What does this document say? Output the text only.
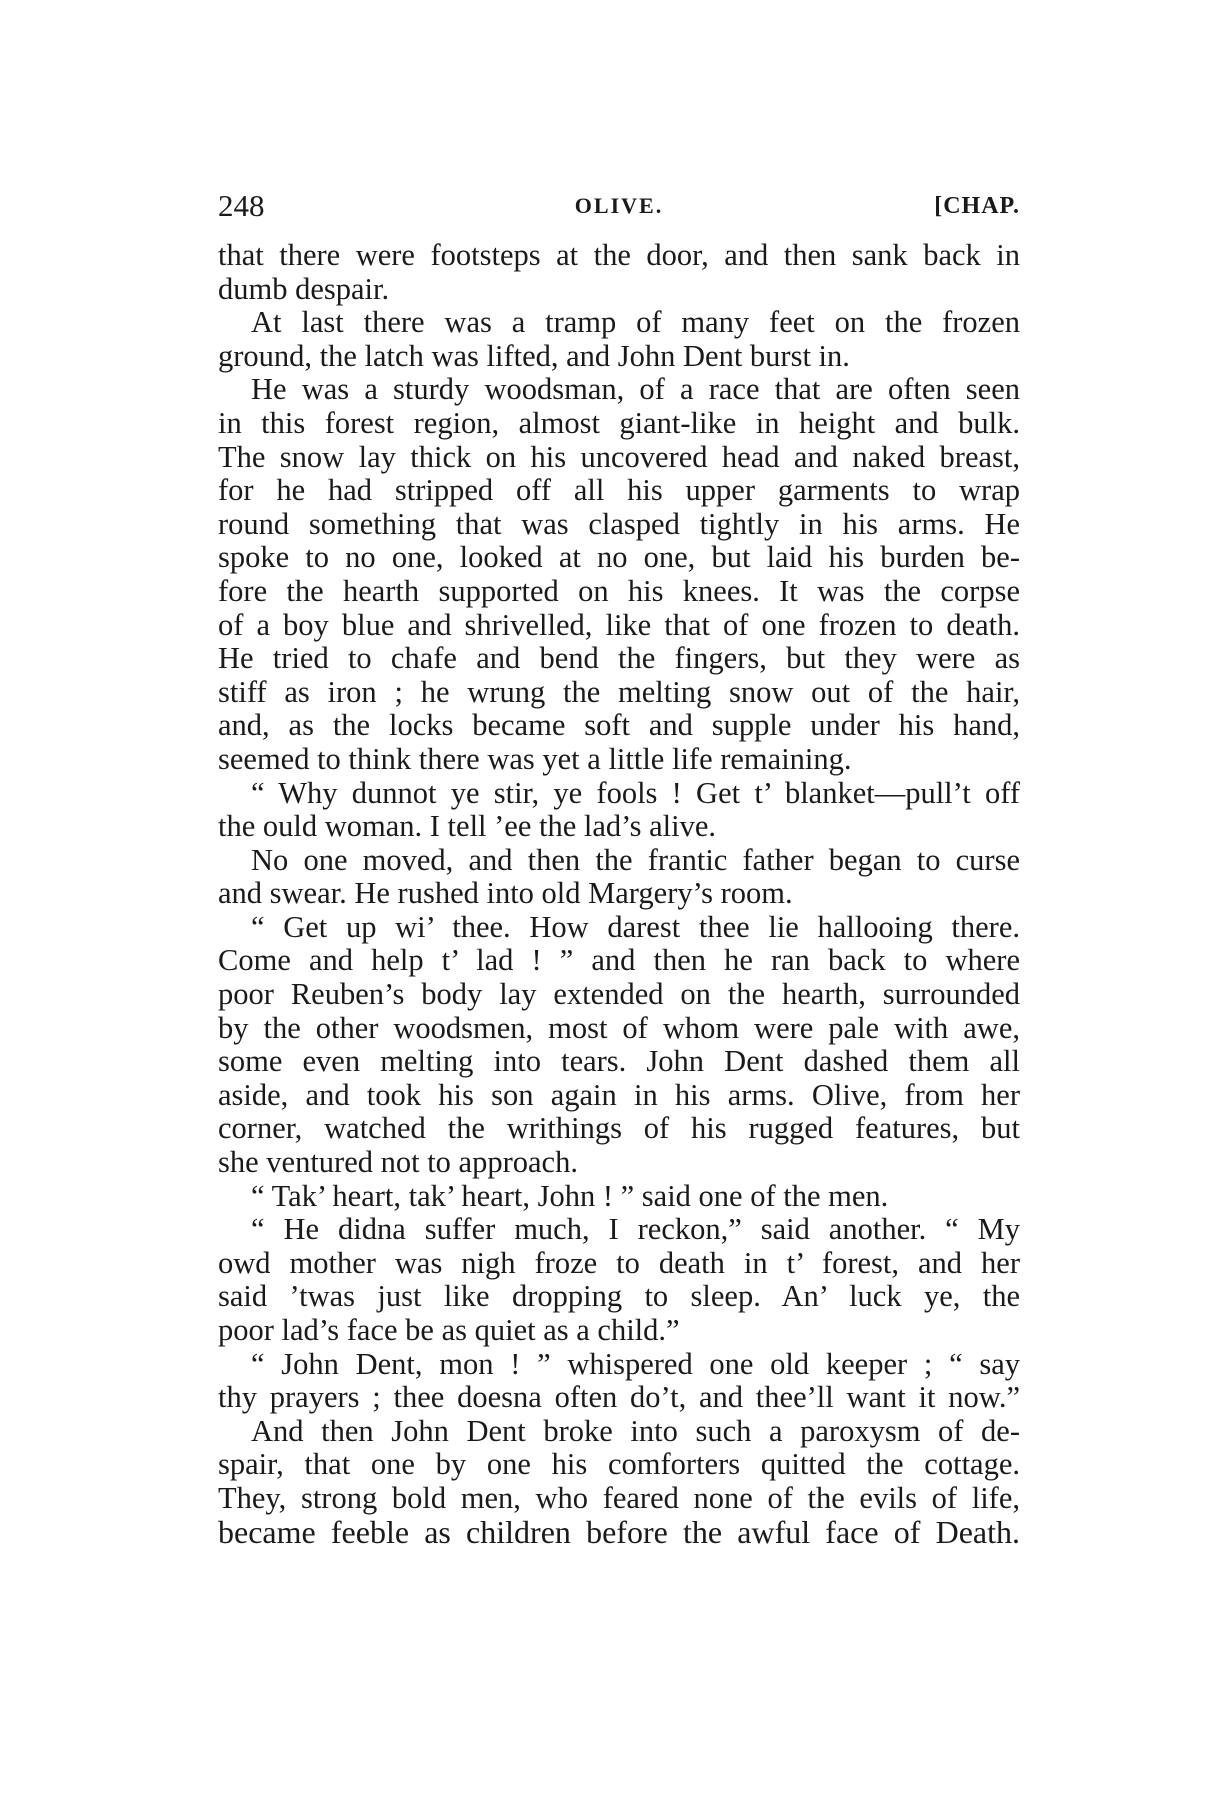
248	OLIVE.	[CHAP.
that there were footsteps at the door, and then sank back in
dumb despair.
At last there was a tramp of many feet on the frozen
ground, the latch was lifted, and John Dent burst in.
He was a sturdy woodsman, of a race that are often seen
in this forest region, almost giant-like in height and bulk.
The snow lay thick on his uncovered head and naked breast,
for he had stripped off all his upper garments to wrap
round something that was clasped tightly in his arms. He
spoke to no one, looked at no one, but laid his burden be-
fore the hearth supported on his knees. It was the corpse
of a boy blue and shrivelled, like that of one frozen to death.
He tried to chafe and bend the fingers, but they were as
stiff as iron ; he wrung the melting snow out of the hair,
and, as the locks became soft and supple under his hand,
seemed to think there was yet a little life remaining.
“ Why dunnot ye stir, ye fools ! Get t’ blanket—pull’t off
the ould woman. I tell ’ee the lad’s alive.
No one moved, and then the frantic father began to curse
and swear. He rushed into old Margery’s room.
“ Get up wi’ thee. How darest thee lie hallooing there.
Come and help t’ lad ! ” and then he ran back to where
poor Reuben’s body lay extended on the hearth, surrounded
by the other woodsmen, most of whom were pale with awe,
some even melting into tears. John Dent dashed them all
aside, and took his son again in his arms. Olive, from her
corner, watched the writhings of his rugged features, but
she ventured not to approach.
“ Tak’ heart, tak’ heart, John ! ” said one of the men.
“ He didna suffer much, I reckon,” said another. “ My
owd mother was nigh froze to death in t’ forest, and her
said ’twas just like dropping to sleep. An’ luck ye, the
poor lad’s face be as quiet as a child.”
“ John Dent, mon ! ” whispered one old keeper ; “ say
thy prayers ; thee doesna often do’t, and thee’ll want it now.”
And then John Dent broke into such a paroxysm of de-
spair, that one by one his comforters quitted the cottage.
They, strong bold men, who feared none of the evils of life,
became feeble as children before the awful face of Death.
